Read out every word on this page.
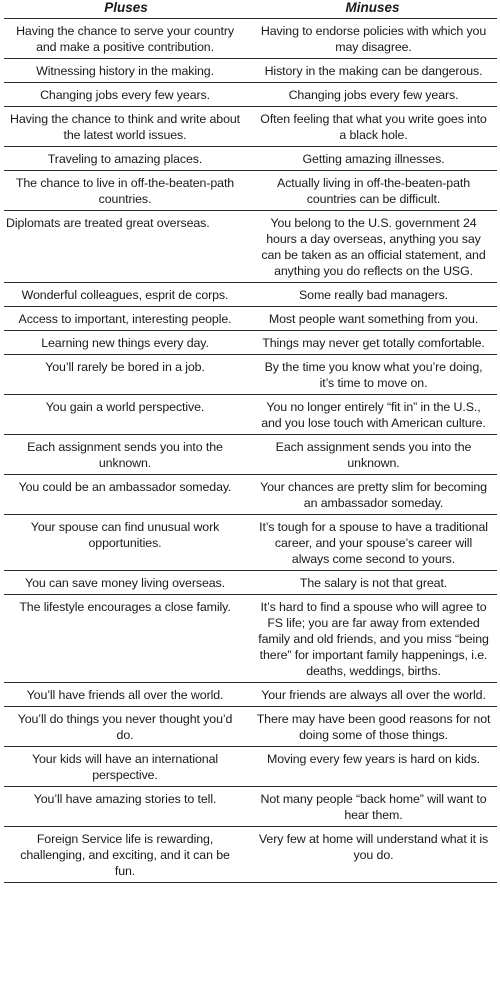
Pluses	Minuses
Having the chance to serve your country and make a positive contribution.	Having to endorse policies with which you may disagree.
Witnessing history in the making.	History in the making can be dangerous.
Changing jobs every few years.	Changing jobs every few years.
Having the chance to think and write about the latest world issues.	Often feeling that what you write goes into a black hole.
Traveling to amazing places.	Getting amazing illnesses.
The chance to live in off-the-beaten-path countries.	Actually living in off-the-beaten-path countries can be difficult.
Diplomats are treated great overseas.	You belong to the U.S. government 24 hours a day overseas, anything you say can be taken as an official statement, and anything you do reflects on the USG.
Wonderful colleagues, esprit de corps.	Some really bad managers.
Access to important, interesting people.	Most people want something from you.
Learning new things every day.	Things may never get totally comfortable.
You’ll rarely be bored in a job.	By the time you know what you’re doing, it’s time to move on.
You gain a world perspective.	You no longer entirely “fit in” in the U.S., and you lose touch with American culture.
Each assignment sends you into the unknown.	Each assignment sends you into the unknown.
You could be an ambassador someday.	Your chances are pretty slim for becoming an ambassador someday.
Your spouse can find unusual work opportunities.	It’s tough for a spouse to have a traditional career, and your spouse’s career will always come second to yours.
You can save money living overseas.	The salary is not that great.
The lifestyle encourages a close family.	It’s hard to find a spouse who will agree to FS life; you are far away from extended family and old friends, and you miss “being there” for important family happenings, i.e. deaths, weddings, births.
You’ll have friends all over the world.	Your friends are always all over the world.
You’ll do things you never thought you’d do.	There may have been good reasons for not doing some of those things.
Your kids will have an international perspective.	Moving every few years is hard on kids.
You’ll have amazing stories to tell.	Not many people “back home” will want to hear them.
Foreign Service life is rewarding, challenging, and exciting, and it can be fun.	Very few at home will understand what it is you do.
